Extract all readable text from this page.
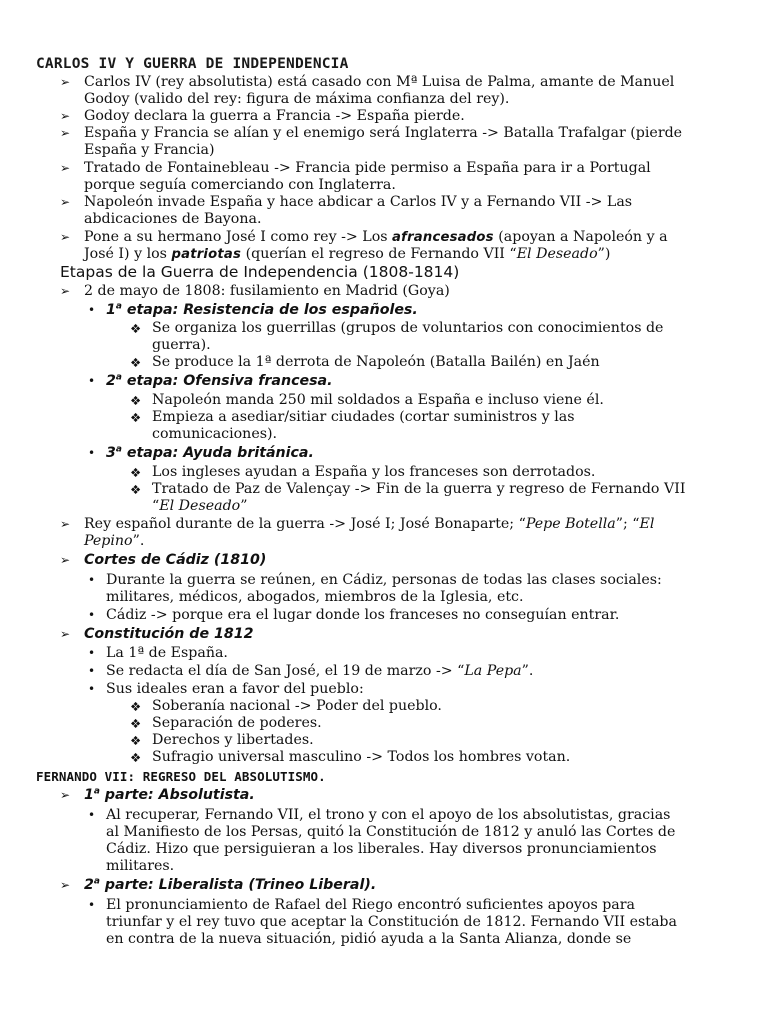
CARLOS IV Y GUERRA DE INDEPENDENCIA
➢ Carlos IV (rey absolutista) está casado con Mª Luisa de Palma, amante de Manuel
Godoy (valido del rey: figura de máxima confianza del rey).
➢ Godoy declara la guerra a Francia -> España pierde.
➢ España y Francia se alían y el enemigo será Inglaterra -> Batalla Trafalgar (pierde
España y Francia)
➢ Tratado de Fontainebleau -> Francia pide permiso a España para ir a Portugal
porque seguía comerciando con Inglaterra.
➢ Napoleón invade España y hace abdicar a Carlos IV y a Fernando VII -> Las
abdicaciones de Bayona.
➢ Pone a su hermano José I como rey -> Los afrancesados (apoyan a Napoleón y a
José I) y los patriotas (querían el regreso de Fernando VII “El Deseado”)
Etapas de la Guerra de Independencia (1808-1814)
➢ 2 de mayo de 1808: fusilamiento en Madrid (Goya)
• 1$^a$ etapa: Resistencia de los españoles.
❖ Se organiza los guerrillas (grupos de voluntarios con conocimientos de
guerra).
❖ Se produce la 1ª derrota de Napoleón (Batalla Bailén) en Jaén
• 2$^a$ etapa: Ofensiva francesa.
❖ Napoleón manda 250 mil soldados a España e incluso viene él.
❖ Empieza a asediar/sitiar ciudades (cortar suministros y las
comunicaciones).
• 3$^a$ etapa: Ayuda británica.
❖ Los ingleses ayudan a España y los franceses son derrotados.
❖ Tratado de Paz de Valençay -> Fin de la guerra y regreso de Fernando VII
“El Deseado”
➢ Rey español durante de la guerra -> José I; José Bonaparte; “Pepe Botella”; “El
Pepino”.
➢ Cortes de Cádiz (1810)
• Durante la guerra se reúnen, en Cádiz, personas de todas las clases sociales:
militares, médicos, abogados, miembros de la Iglesia, etc.
• Cádiz -> porque era el lugar donde los franceses no conseguían entrar.
➢ Constitución de 1812
• La 1ª de España.
• Se redacta el día de San José, el 19 de marzo -> “La Pepa”.
• Sus ideales eran a favor del pueblo:
❖ Soberanía nacional -> Poder del pueblo.
❖ Separación de poderes.
❖ Derechos y libertades.
❖ Sufragio universal masculino -> Todos los hombres votan.
FERNANDO VII: REGRESO DEL ABSOLUTISMO.
➢ 1$^a$ parte: Absolutista.
• Al recuperar, Fernando VII, el trono y con el apoyo de los absolutistas, gracias
al Manifiesto de los Persas, quitó la Constitución de 1812 y anuló las Cortes de
Cádiz. Hizo que persiguieran a los liberales. Hay diversos pronunciamientos
militares.
➢ 2$^a$ parte: Liberalista (Trineo Liberal).
• El pronunciamiento de Rafael del Riego encontró suficientes apoyos para
triunfar y el rey tuvo que aceptar la Constitución de 1812. Fernando VII estaba
en contra de la nueva situación, pidió ayuda a la Santa Alianza, donde se
